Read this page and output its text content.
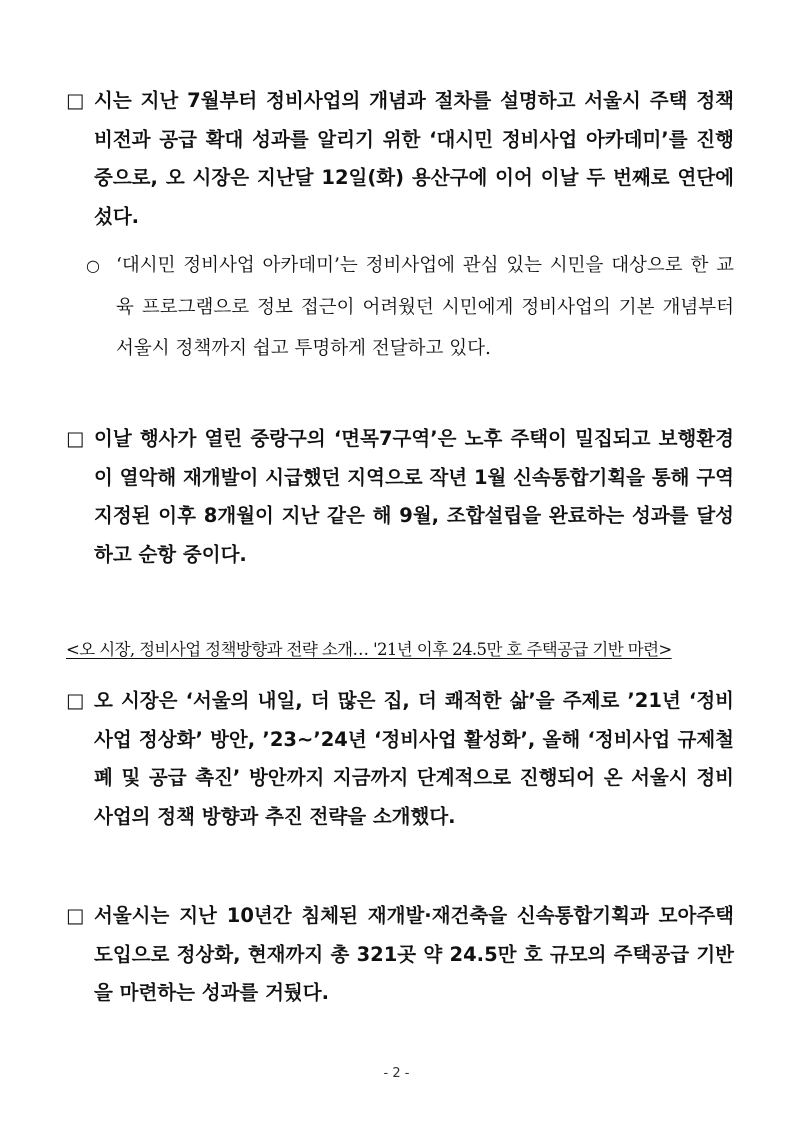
□ 시는 지난 7월부터 정비사업의 개념과 절차를 설명하고 서울시 주택 정책 비전과 공급 확대 성과를 알리기 위한 ‘대시민 정비사업 아카데미’를 진행 중으로, 오 시장은 지난달 12일(화) 용산구에 이어 이날 두 번째로 연단에 섰다.

○ ‘대시민 정비사업 아카데미’는 정비사업에 관심 있는 시민을 대상으로 한 교육 프로그램으로 정보 접근이 어려웠던 시민에게 정비사업의 기본 개념부터 서울시 정책까지 쉽고 투명하게 전달하고 있다.

□ 이날 행사가 열린 중랑구의 ‘면목7구역’은 노후 주택이 밀집되고 보행환경이 열악해 재개발이 시급했던 지역으로 작년 1월 신속통합기획을 통해 구역지정된 이후 8개월이 지난 같은 해 9월, 조합설립을 완료하는 성과를 달성하고 순항 중이다.

<오 시장, 정비사업 정책방향과 전략 소개… '21년 이후 24.5만 호 주택공급 기반 마련>

□ 오 시장은 ‘서울의 내일, 더 많은 집, 더 쾌적한 삶’을 주제로 ’21년 ‘정비사업 정상화’ 방안, ’23~’24년 ‘정비사업 활성화’, 올해 ‘정비사업 규제철폐 및 공급 촉진’ 방안까지 지금까지 단계적으로 진행되어 온 서울시 정비사업의 정책 방향과 추진 전략을 소개했다.

□ 서울시는 지난 10년간 침체된 재개발·재건축을 신속통합기획과 모아주택 도입으로 정상화, 현재까지 총 321곳 약 24.5만 호 규모의 주택공급 기반을 마련하는 성과를 거뒀다.

- 2 -
